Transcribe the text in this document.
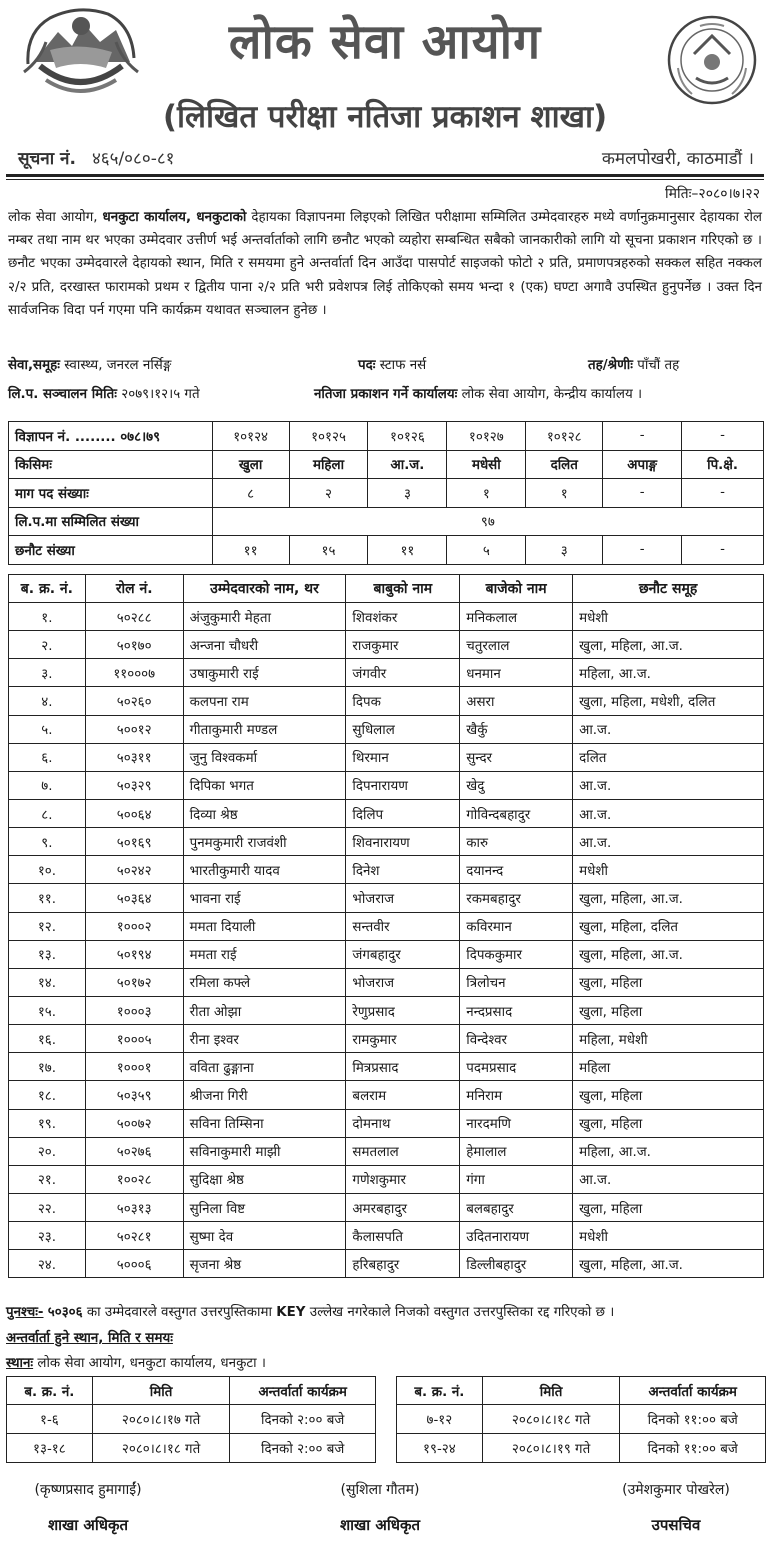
लोक सेवा आयोग
(लिखित परीक्षा नतिजा प्रकाशन शाखा)
सूचना नं. ४६५/०८०-८१	कमलपोखरी, काठमाडौं ।
मितिः–२०८०।७।२२

लोक सेवा आयोग, धनकुटा कार्यालय, धनकुटाको देहायका विज्ञापनमा लिइएको लिखित परीक्षामा सम्मिलित उम्मेदवारहरु मध्ये वर्णानुक्रमानुसार देहायका रोल नम्बर तथा नाम थर भएका उम्मेदवार उत्तीर्ण भई अन्तर्वार्ताको लागि छनौट भएको व्यहोरा सम्बन्धित सबैको जानकारीको लागि यो सूचना प्रकाशन गरिएको छ । छनौट भएका उम्मेदवारले देहायको स्थान, मिति र समयमा हुने अन्तर्वार्ता दिन आउँदा पासपोर्ट साइजको फोटो २ प्रति, प्रमाणपत्रहरुको सक्कल सहित नक्कल २/२ प्रति, दरखास्त फारामको प्रथम र द्वितीय पाना २/२ प्रति भरी प्रवेशपत्र लिई तोकिएको समय भन्दा १ (एक) घण्टा अगावै उपस्थित हुनुपर्नेछ । उक्त दिन सार्वजनिक विदा पर्न गएमा पनि कार्यक्रम यथावत सञ्चालन हुनेछ ।

सेवा,समूहः स्वास्थ्य, जनरल नर्सिङ्ग	पदः स्टाफ नर्स	तह/श्रेणीः पाँचौं तह
लि.प. सञ्चालन मितिः २०७९।१२।५ गते	नतिजा प्रकाशन गर्ने कार्यालयः लोक सेवा आयोग, केन्द्रीय कार्यालय ।
विज्ञापन नं. ........ ०७८।७९	१०१२४	१०१२५	१०१२६	१०१२७	१०१२८	-	-
किसिमः	खुला	महिला	आ.ज.	मधेसी	दलित	अपाङ्ग	पि.क्षे.
माग पद संख्याः	८	२	३	१	१	-	-
लि.प.मा सम्मिलित संख्या	९७						
छनौट संख्या	११	१५	११	५	३	-	-
ब. क्र. नं.	रोल नं.	उम्मेदवारको नाम, थर	बाबुको नाम	बाजेको नाम	छनौट समूह
१.	५०२८८	अंजुकुमारी मेहता	शिवशंकर	मनिकलाल	मधेशी
२.	५०१७०	अन्जना चौधरी	राजकुमार	चतुरलाल	खुला, महिला, आ.ज.
३.	११०००७	उषाकुमारी राई	जंगवीर	धनमान	महिला, आ.ज.
४.	५०२६०	कलपना राम	दिपक	असरा	खुला, महिला, मधेशी, दलित
५.	५००१२	गीताकुमारी मण्डल	सुधिलाल	खैर्कु	आ.ज.
६.	५०३११	जुनु विश्वकर्मा	थिरमान	सुन्दर	दलित
७.	५०३२९	दिपिका भगत	दिपनारायण	खेदु	आ.ज.
८.	५००६४	दिव्या श्रेष्ठ	दिलिप	गोविन्दबहादुर	आ.ज.
९.	५०१६९	पुनमकुमारी राजवंशी	शिवनारायण	कारु	आ.ज.
१०.	५०२४२	भारतीकुमारी यादव	दिनेश	दयानन्द	मधेशी
११.	५०३६४	भावना राई	भोजराज	रकमबहादुर	खुला, महिला, आ.ज.
१२.	१०००२	ममता दियाली	सन्तवीर	कविरमान	खुला, महिला, दलित
१३.	५०१९४	ममता राई	जंगबहादुर	दिपककुमार	खुला, महिला, आ.ज.
१४.	५०१७२	रमिला कफ्ले	भोजराज	त्रिलोचन	खुला, महिला
१५.	१०००३	रीता ओझा	रेणुप्रसाद	नन्दप्रसाद	खुला, महिला
१६.	१०००५	रीना इश्वर	रामकुमार	विन्देश्वर	महिला, मधेशी
१७.	१०००१	वविता ढुङ्गाना	मित्रप्रसाद	पदमप्रसाद	महिला
१८.	५०३५९	श्रीजना गिरी	बलराम	मनिराम	खुला, महिला
१९.	५००७२	सविना तिम्सिना	दोमनाथ	नारदमणि	खुला, महिला
२०.	५०२७६	सविनाकुमारी माझी	समतलाल	हेमालाल	महिला, आ.ज.
२१.	१००२८	सुदिक्षा श्रेष्ठ	गणेशकुमार	गंगा	आ.ज.
२२.	५०३१३	सुनिला विष्ट	अमरबहादुर	बलबहादुर	खुला, महिला
२३.	५०२८१	सुष्मा देव	कैलासपति	उदितनारायण	मधेशी
२४.	५०००६	सृजना श्रेष्ठ	हरिबहादुर	डिल्लीबहादुर	खुला, महिला, आ.ज.
पुनश्चः- ५०३०६ का उम्मेदवारले वस्तुगत उत्तरपुस्तिकामा KEY उल्लेख नगरेकाले निजको वस्तुगत उत्तरपुस्तिका रद्द गरिएको छ ।
अन्तर्वार्ता हुने स्थान, मिति र समयः
स्थानः लोक सेवा आयोग, धनकुटा कार्यालय, धनकुटा ।
ब. क्र. नं.	मिति	अन्तर्वार्ता कार्यक्रम
१-६	२०८०।८।१७ गते	दिनको २:०० बजे
१३-१८	२०८०।८।१८ गते	दिनको २:०० बजे
ब. क्र. नं.	मिति	अन्तर्वार्ता कार्यक्रम
७-१२	२०८०।८।१८ गते	दिनको ११:०० बजे
१९-२४	२०८०।८।१९ गते	दिनको ११:०० बजे
(कृष्णप्रसाद हुमागाईं)
शाखा अधिकृत
(सुशिला गौतम)
शाखा अधिकृत
(उमेशकुमार पोखरेल)
उपसचिव
